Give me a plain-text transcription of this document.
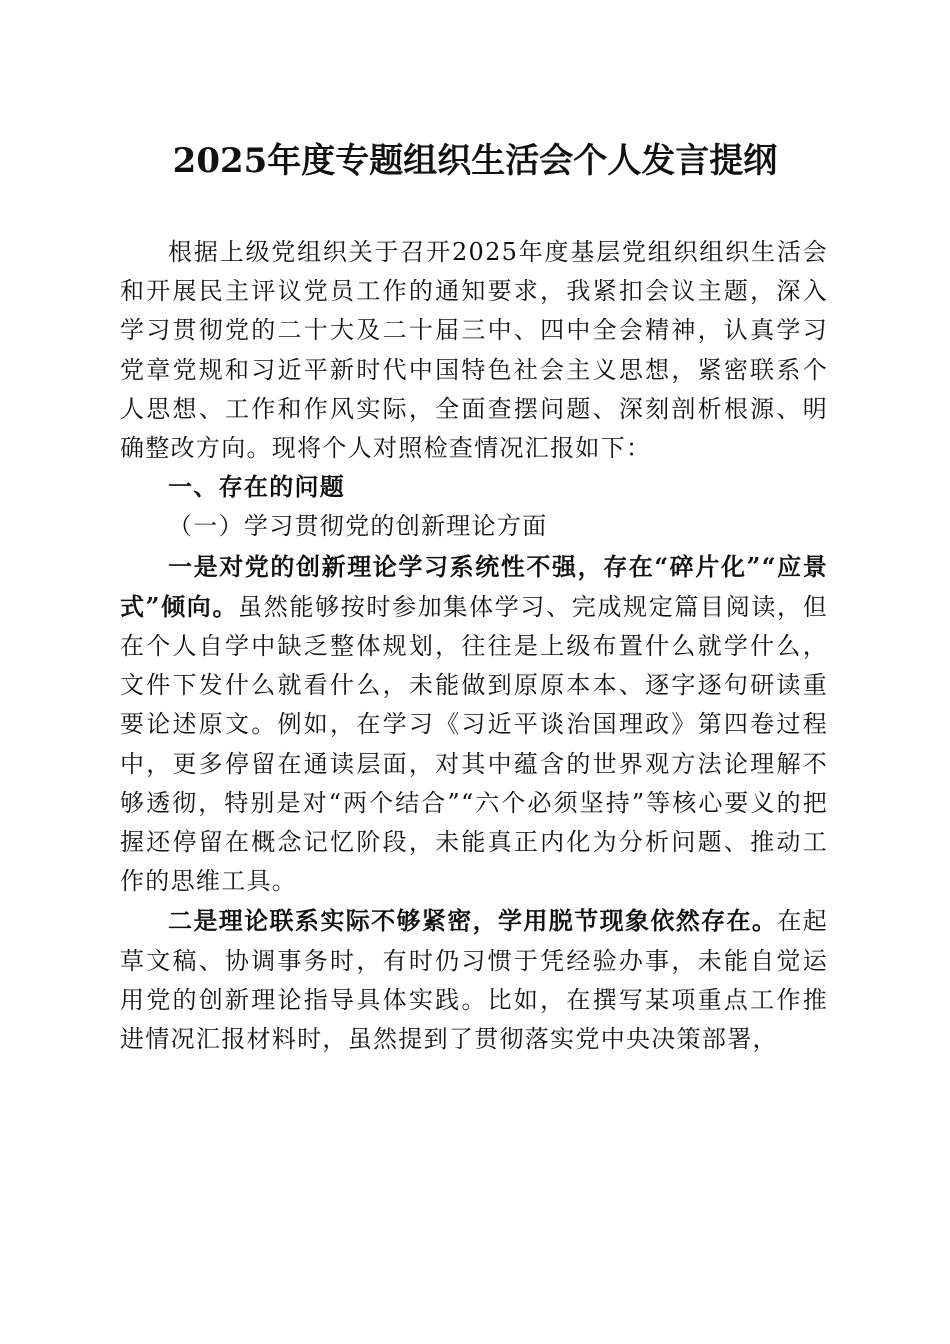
2025年度专题组织生活会个人发言提纲

根据上级党组织关于召开2025年度基层党组织组织生活会和开展民主评议党员工作的通知要求，我紧扣会议主题，深入学习贯彻党的二十大及二十届三中、四中全会精神，认真学习党章党规和习近平新时代中国特色社会主义思想，紧密联系个人思想、工作和作风实际，全面查摆问题、深刻剖析根源、明确整改方向。现将个人对照检查情况汇报如下：

一、存在的问题

（一）学习贯彻党的创新理论方面

一是对党的创新理论学习系统性不强，存在“碎片化”“应景式”倾向。虽然能够按时参加集体学习、完成规定篇目阅读，但在个人自学中缺乏整体规划，往往是上级布置什么就学什么，文件下发什么就看什么，未能做到原原本本、逐字逐句研读重要论述原文。例如，在学习《习近平谈治国理政》第四卷过程中，更多停留在通读层面，对其中蕴含的世界观方法论理解不够透彻，特别是对“两个结合”“六个必须坚持”等核心要义的把握还停留在概念记忆阶段，未能真正内化为分析问题、推动工作的思维工具。

二是理论联系实际不够紧密，学用脱节现象依然存在。在起草文稿、协调事务时，有时仍习惯于凭经验办事，未能自觉运用党的创新理论指导具体实践。比如，在撰写某项重点工作推进情况汇报材料时，虽然提到了贯彻落实党中央决策部署，
